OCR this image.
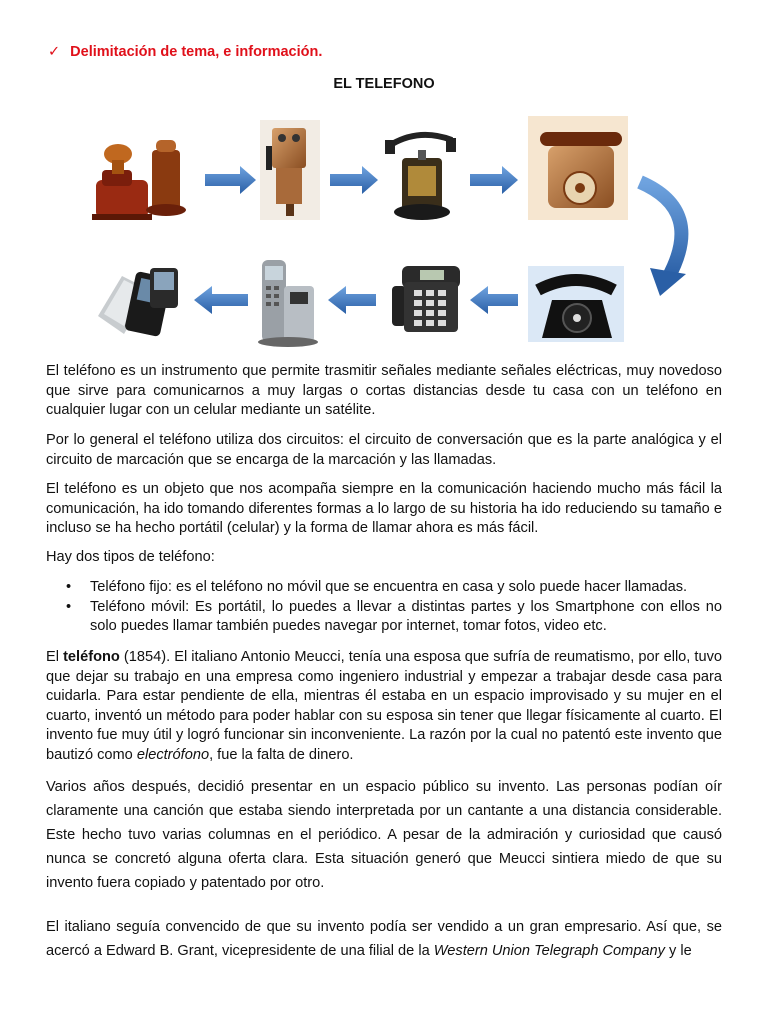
✓ Delimitación de tema, e información.
EL TELEFONO
El teléfono es un instrumento que permite trasmitir señales mediante señales eléctricas, muy novedoso que sirve para comunicarnos a muy largas o cortas distancias desde tu casa con un teléfono en cualquier lugar con un celular mediante un satélite.
Por lo general el teléfono utiliza dos circuitos: el circuito de conversación que es la parte analógica y el circuito de marcación que se encarga de la marcación y las llamadas.
El teléfono es un objeto que nos acompaña siempre en la comunicación haciendo mucho más fácil la comunicación, ha ido tomando diferentes formas a lo largo de su historia ha ido reduciendo su tamaño e incluso se ha hecho portátil (celular) y la forma de llamar ahora es más fácil.
Hay dos tipos de teléfono:
• Teléfono fijo: es el teléfono no móvil que se encuentra en casa y solo puede hacer llamadas.
• Teléfono móvil: Es portátil, lo puedes a llevar a distintas partes y los Smartphone con ellos no solo puedes llamar también puedes navegar por internet, tomar fotos, video etc.
El teléfono (1854). El italiano Antonio Meucci, tenía una esposa que sufría de reumatismo, por ello, tuvo que dejar su trabajo en una empresa como ingeniero industrial y empezar a trabajar desde casa para cuidarla. Para estar pendiente de ella, mientras él estaba en un espacio improvisado y su mujer en el cuarto, inventó un método para poder hablar con su esposa sin tener que llegar físicamente al cuarto. El invento fue muy útil y logró funcionar sin inconveniente. La razón por la cual no patentó este invento que bautizó como electrófono, fue la falta de dinero.
Varios años después, decidió presentar en un espacio público su invento. Las personas podían oír claramente una canción que estaba siendo interpretada por un cantante a una distancia considerable. Este hecho tuvo varias columnas en el periódico. A pesar de la admiración y curiosidad que causó nunca se concretó alguna oferta clara. Esta situación generó que Meucci sintiera miedo de que su invento fuera copiado y patentado por otro.
El italiano seguía convencido de que su invento podía ser vendido a un gran empresario. Así que, se acercó a Edward B. Grant, vicepresidente de una filial de la Western Union Telegraph Company y le
